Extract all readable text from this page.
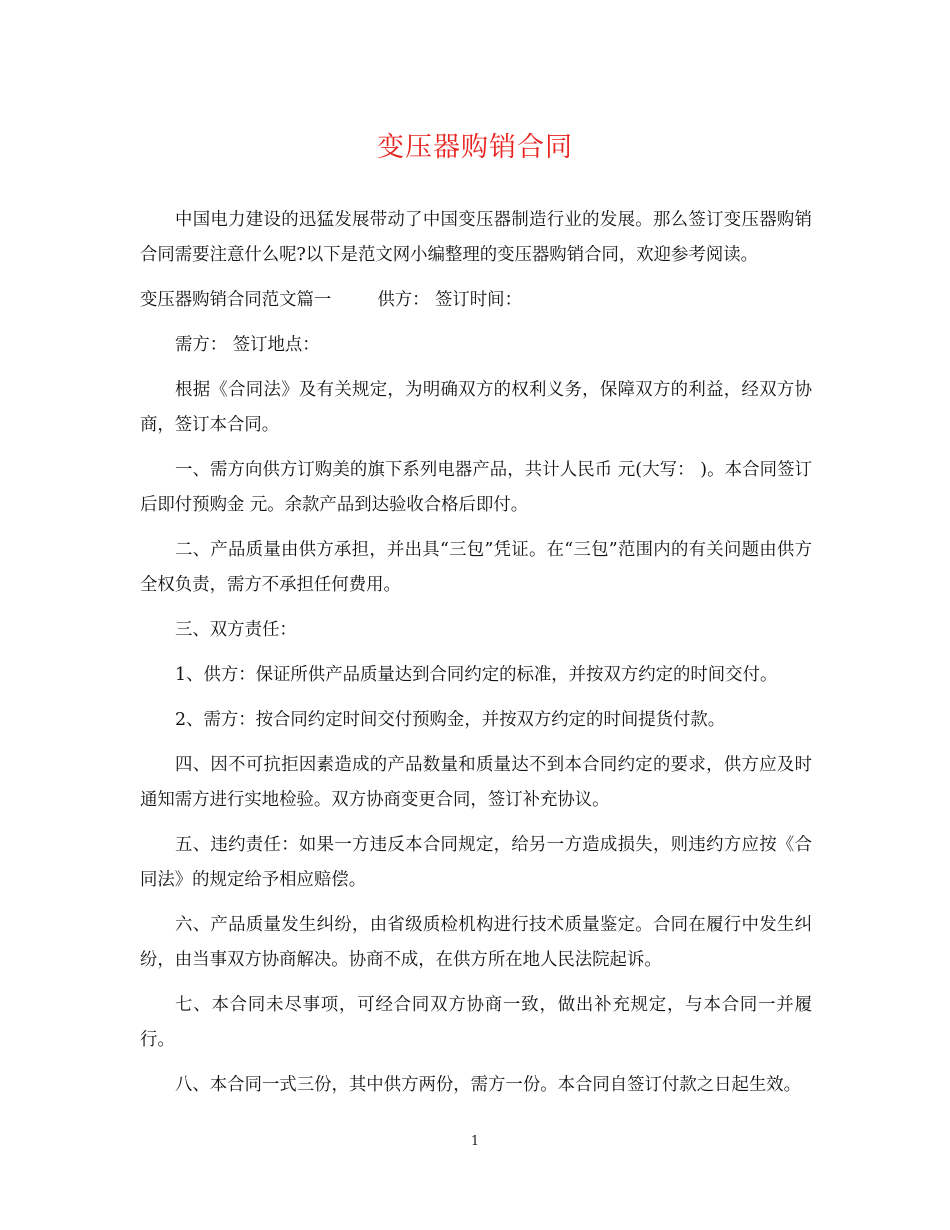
变压器购销合同

中国电力建设的迅猛发展带动了中国变压器制造行业的发展。那么签订变压器购销合同需要注意什么呢?以下是范文网小编整理的变压器购销合同，欢迎参考阅读。

变压器购销合同范文篇一	供方： 签订时间：

需方： 签订地点：

根据《合同法》及有关规定，为明确双方的权利义务，保障双方的利益，经双方协商，签订本合同。

一、需方向供方订购美的旗下系列电器产品，共计人民币 元(大写： )。本合同签订后即付预购金 元。余款产品到达验收合格后即付。

二、产品质量由供方承担，并出具“三包”凭证。在“三包”范围内的有关问题由供方全权负责，需方不承担任何费用。

三、双方责任：

1、供方：保证所供产品质量达到合同约定的标准，并按双方约定的时间交付。

2、需方：按合同约定时间交付预购金，并按双方约定的时间提货付款。

四、因不可抗拒因素造成的产品数量和质量达不到本合同约定的要求，供方应及时通知需方进行实地检验。双方协商变更合同，签订补充协议。

五、违约责任：如果一方违反本合同规定，给另一方造成损失，则违约方应按《合同法》的规定给予相应赔偿。

六、产品质量发生纠纷，由省级质检机构进行技术质量鉴定。合同在履行中发生纠纷，由当事双方协商解决。协商不成，在供方所在地人民法院起诉。

七、本合同未尽事项，可经合同双方协商一致，做出补充规定，与本合同一并履行。

八、本合同一式三份，其中供方两份，需方一份。本合同自签订付款之日起生效。

1
